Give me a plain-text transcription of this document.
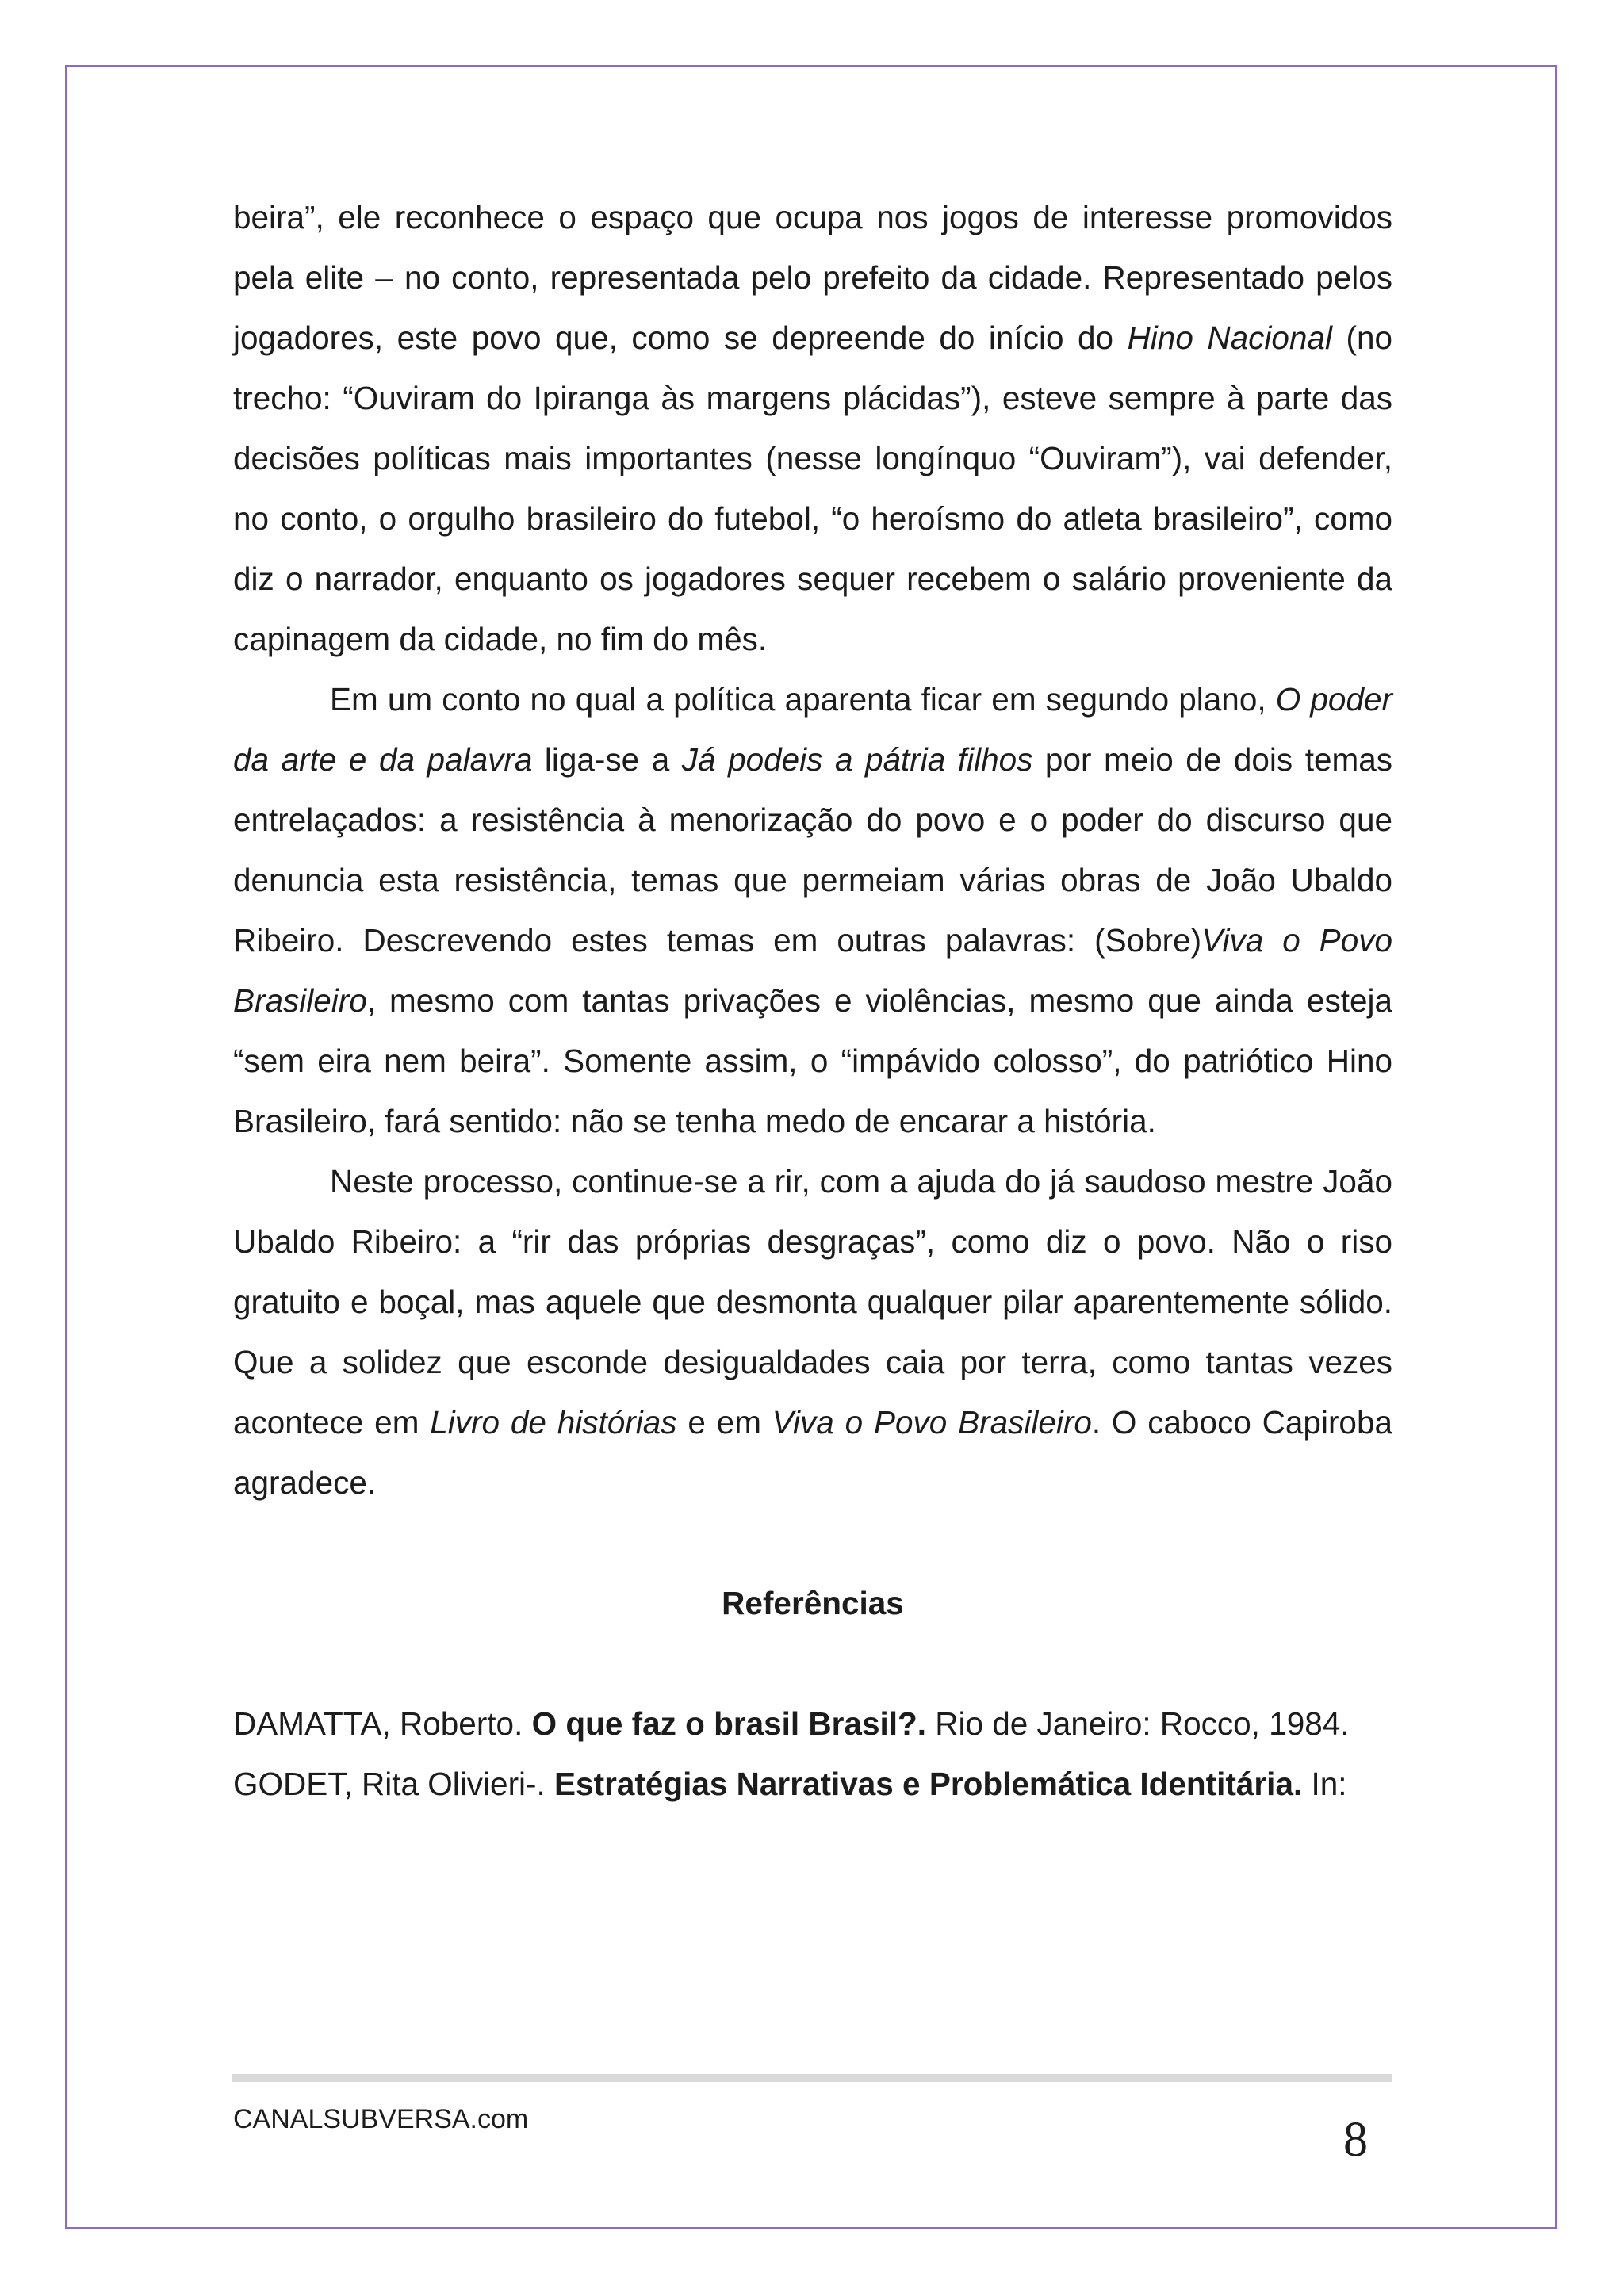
beira”, ele reconhece o espaço que ocupa nos jogos de interesse promovidos pela elite – no conto, representada pelo prefeito da cidade. Representado pelos jogadores, este povo que, como se depreende do início do Hino Nacional (no trecho: “Ouviram do Ipiranga às margens plácidas”), esteve sempre à parte das decisões políticas mais importantes (nesse longínquo “Ouviram”), vai defender, no conto, o orgulho brasileiro do futebol, “o heroísmo do atleta brasileiro”, como diz o narrador, enquanto os jogadores sequer recebem o salário proveniente da capinagem da cidade, no fim do mês.

Em um conto no qual a política aparenta ficar em segundo plano, O poder da arte e da palavra liga-se a Já podeis a pátria filhos por meio de dois temas entrelaçados: a resistência à menorização do povo e o poder do discurso que denuncia esta resistência, temas que permeiam várias obras de João Ubaldo Ribeiro. Descrevendo estes temas em outras palavras: (Sobre)Viva o Povo Brasileiro, mesmo com tantas privações e violências, mesmo que ainda esteja “sem eira nem beira”. Somente assim, o “impávido colosso”, do patriótico Hino Brasileiro, fará sentido: não se tenha medo de encarar a história.

Neste processo, continue-se a rir, com a ajuda do já saudoso mestre João Ubaldo Ribeiro: a “rir das próprias desgraças”, como diz o povo. Não o riso gratuito e boçal, mas aquele que desmonta qualquer pilar aparentemente sólido. Que a solidez que esconde desigualdades caia por terra, como tantas vezes acontece em Livro de histórias e em Viva o Povo Brasileiro. O caboco Capiroba agradece.

Referências

DAMATTA, Roberto. O que faz o brasil Brasil?. Rio de Janeiro: Rocco, 1984.

GODET, Rita Olivieri-. Estratégias Narrativas e Problemática Identitária. In:

CANALSUBVERSA.com	8
